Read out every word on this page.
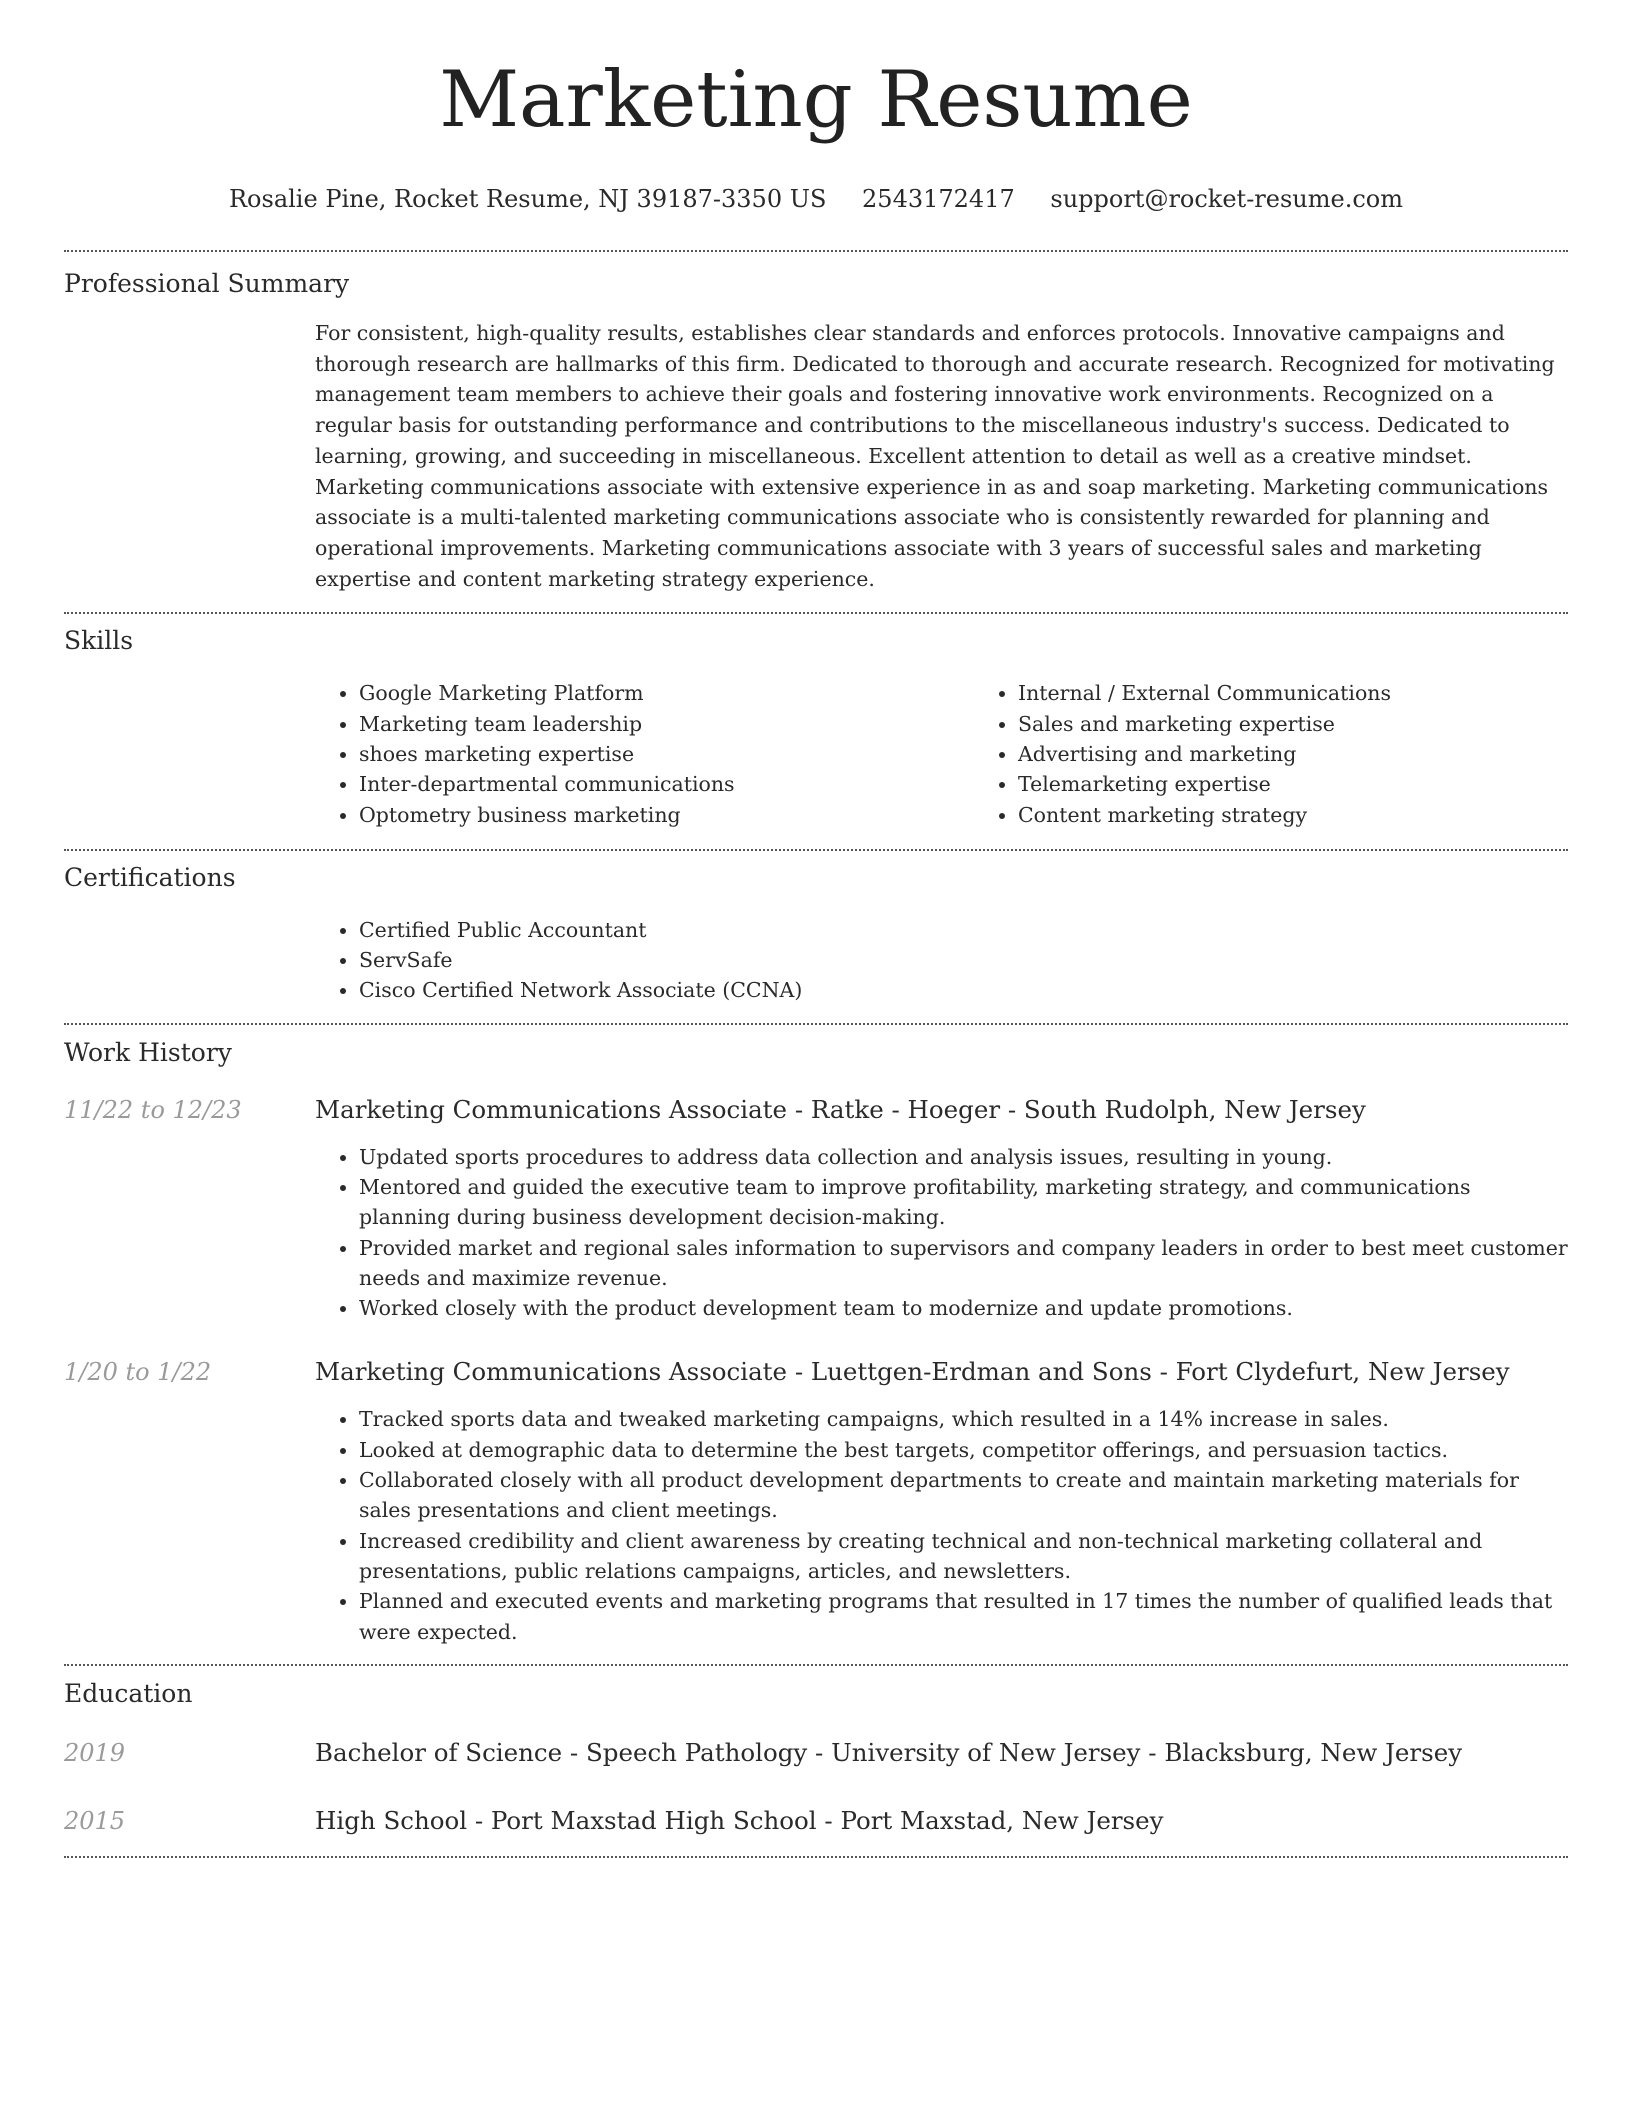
Marketing Resume
Rosalie Pine, Rocket Resume, NJ 39187-3350 US 2543172417 support@rocket-resume.com
Professional Summary

For consistent, high-quality results, establishes clear standards and enforces protocols. Innovative campaigns and thorough research are hallmarks of this firm. Dedicated to thorough and accurate research. Recognized for motivating management team members to achieve their goals and fostering innovative work environments. Recognized on a regular basis for outstanding performance and contributions to the miscellaneous industry's success. Dedicated to learning, growing, and succeeding in miscellaneous. Excellent attention to detail as well as a creative mindset. Marketing communications associate with extensive experience in as and soap marketing. Marketing communications associate is a multi-talented marketing communications associate who is consistently rewarded for planning and operational improvements. Marketing communications associate with 3 years of successful sales and marketing expertise and content marketing strategy experience.

Skills
• Google Marketing Platform
• Marketing team leadership
• shoes marketing expertise
• Inter-departmental communications
• Optometry business marketing
• Internal / External Communications
• Sales and marketing expertise
• Advertising and marketing
• Telemarketing expertise
• Content marketing strategy
Certifications
• Certified Public Accountant
• ServSafe
• Cisco Certified Network Associate (CCNA)
Work History
11/22 to 12/23	Marketing Communications Associate - Ratke - Hoeger - South Rudolph, New Jersey
• Updated sports procedures to address data collection and analysis issues, resulting in young.
• Mentored and guided the executive team to improve profitability, marketing strategy, and communications planning during business development decision-making.
• Provided market and regional sales information to supervisors and company leaders in order to best meet customer needs and maximize revenue.
• Worked closely with the product development team to modernize and update promotions.
1/20 to 1/22	Marketing Communications Associate - Luettgen-Erdman and Sons - Fort Clydefurt, New Jersey
• Tracked sports data and tweaked marketing campaigns, which resulted in a 14% increase in sales.
• Looked at demographic data to determine the best targets, competitor offerings, and persuasion tactics.
• Collaborated closely with all product development departments to create and maintain marketing materials for sales presentations and client meetings.
• Increased credibility and client awareness by creating technical and non-technical marketing collateral and presentations, public relations campaigns, articles, and newsletters.
• Planned and executed events and marketing programs that resulted in 17 times the number of qualified leads that were expected.
Education
2019	Bachelor of Science - Speech Pathology - University of New Jersey - Blacksburg, New Jersey
2015	High School - Port Maxstad High School - Port Maxstad, New Jersey
